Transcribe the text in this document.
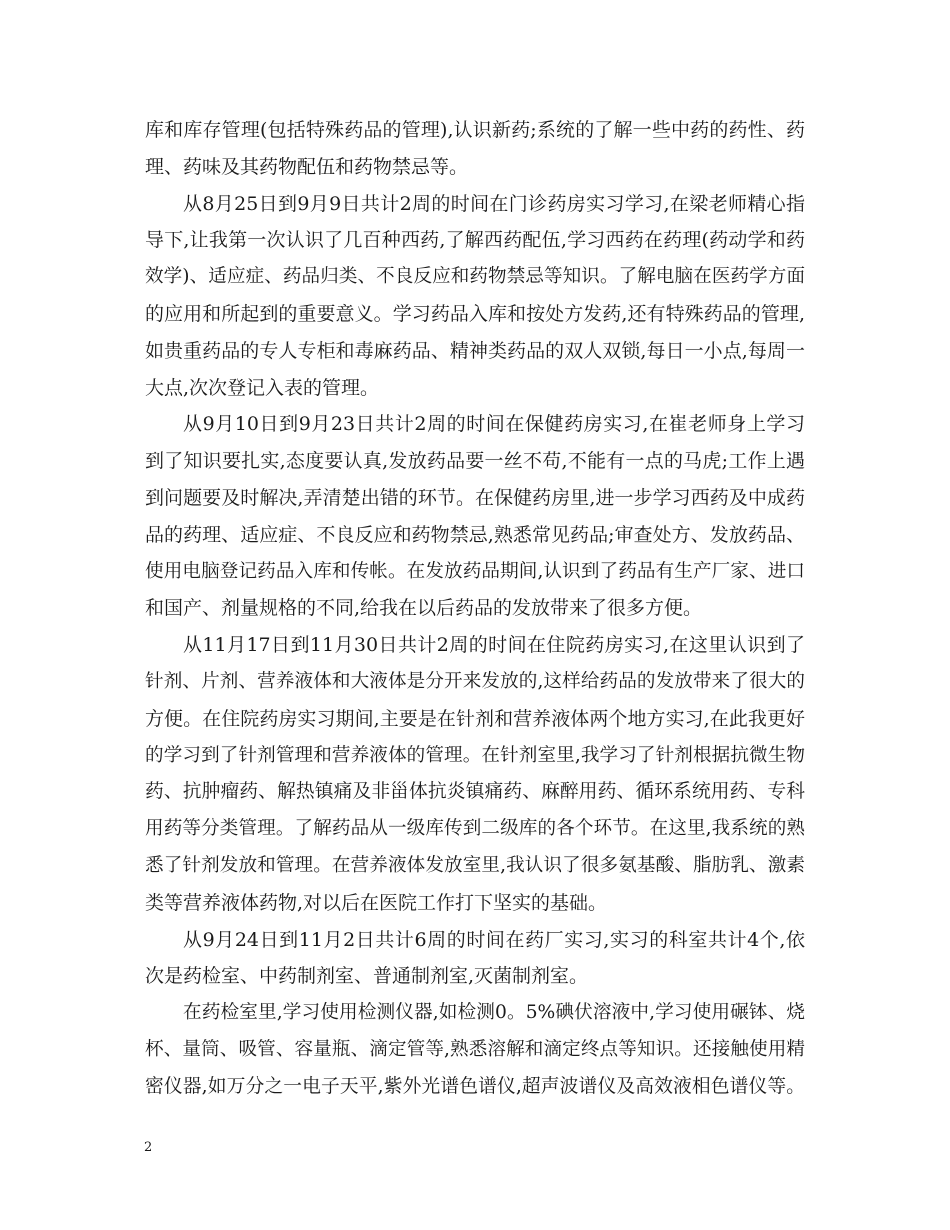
库和库存管理(包括特殊药品的管理),认识新药;系统的了解一些中药的药性、药
理、药味及其药物配伍和药物禁忌等。
从8月25日到9月9日共计2周的时间在门诊药房实习学习,在梁老师精心指
导下,让我第一次认识了几百种西药,了解西药配伍,学习西药在药理(药动学和药
效学)、适应症、药品归类、不良反应和药物禁忌等知识。了解电脑在医药学方面
的应用和所起到的重要意义。学习药品入库和按处方发药,还有特殊药品的管理,
如贵重药品的专人专柜和毒麻药品、精神类药品的双人双锁,每日一小点,每周一
大点,次次登记入表的管理。
从9月10日到9月23日共计2周的时间在保健药房实习,在崔老师身上学习
到了知识要扎实,态度要认真,发放药品要一丝不苟,不能有一点的马虎;工作上遇
到问题要及时解决,弄清楚出错的环节。在保健药房里,进一步学习西药及中成药
品的药理、适应症、不良反应和药物禁忌,熟悉常见药品;审查处方、发放药品、
使用电脑登记药品入库和传帐。在发放药品期间,认识到了药品有生产厂家、进口
和国产、剂量规格的不同,给我在以后药品的发放带来了很多方便。
从11月17日到11月30日共计2周的时间在住院药房实习,在这里认识到了
针剂、片剂、营养液体和大液体是分开来发放的,这样给药品的发放带来了很大的
方便。在住院药房实习期间,主要是在针剂和营养液体两个地方实习,在此我更好
的学习到了针剂管理和营养液体的管理。在针剂室里,我学习了针剂根据抗微生物
药、抗肿瘤药、解热镇痛及非甾体抗炎镇痛药、麻醉用药、循环系统用药、专科
用药等分类管理。了解药品从一级库传到二级库的各个环节。在这里,我系统的熟
悉了针剂发放和管理。在营养液体发放室里,我认识了很多氨基酸、脂肪乳、激素
类等营养液体药物,对以后在医院工作打下坚实的基础。
从9月24日到11月2日共计6周的时间在药厂实习,实习的科室共计4个,依
次是药检室、中药制剂室、普通制剂室,灭菌制剂室。
在药检室里,学习使用检测仪器,如检测0。5%碘伏溶液中,学习使用碾钵、烧
杯、量筒、吸管、容量瓶、滴定管等,熟悉溶解和滴定终点等知识。还接触使用精
密仪器,如万分之一电子天平,紫外光谱色谱仪,超声波谱仪及高效液相色谱仪等。
2
